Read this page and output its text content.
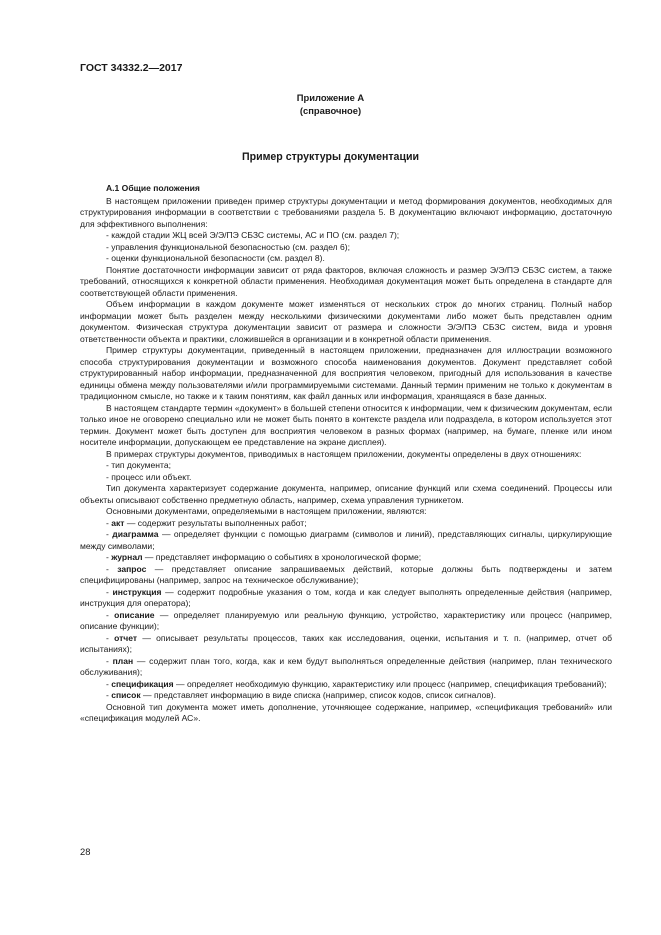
ГОСТ 34332.2—2017
Приложение А
(справочное)
Пример структуры документации
А.1 Общие положения

В настоящем приложении приведен пример структуры документации и метод формирования документов, необходимых для структурирования информации в соответствии с требованиями раздела 5. В документацию включают информацию, достаточную для эффективного выполнения:

- каждой стадии ЖЦ всей Э/Э/ПЭ СБЗС системы, АС и ПО (см. раздел 7);
- управления функциональной безопасностью (см. раздел 6);
- оценки функциональной безопасности (см. раздел 8).

Понятие достаточности информации зависит от ряда факторов, включая сложность и размер Э/Э/ПЭ СБЗС систем, а также требований, относящихся к конкретной области применения. Необходимая документация может быть определена в стандарте для соответствующей области применения.

Объем информации в каждом документе может изменяться от нескольких строк до многих страниц. Полный набор информации может быть разделен между несколькими физическими документами либо может быть представлен одним документом. Физическая структура документации зависит от размера и сложности Э/Э/ПЭ СБЗС систем, вида и уровня ответственности объекта и практики, сложившейся в организации и в конкретной области применения.

Пример структуры документации, приведенный в настоящем приложении, предназначен для иллюстрации возможного способа структурирования документации и возможного способа наименования документов. Документ представляет собой структурированный набор информации, предназначенной для восприятия человеком, пригодный для использования в качестве единицы обмена между пользователями и/или программируемыми системами. Данный термин применим не только к документам в традиционном смысле, но также и к таким понятиям, как файл данных или информация, хранящаяся в базе данных.

В настоящем стандарте термин «документ» в большей степени относится к информации, чем к физическим документам, если только иное не оговорено специально или не может быть понято в контексте раздела или подраздела, в котором используется этот термин. Документ может быть доступен для восприятия человеком в разных формах (например, на бумаге, пленке или ином носителе информации, допускающем ее представление на экране дисплея).

В примерах структуры документов, приводимых в настоящем приложении, документы определены в двух отношениях:

- тип документа;
- процесс или объект.

Тип документа характеризует содержание документа, например, описание функций или схема соединений. Процессы или объекты описывают собственно предметную область, например, схема управления турникетом.

Основными документами, определяемыми в настоящем приложении, являются:

- акт — содержит результаты выполненных работ;
- диаграмма — определяет функции с помощью диаграмм (символов и линий), представляющих сигналы, циркулирующие между символами;
- журнал — представляет информацию о событиях в хронологической форме;
- запрос — представляет описание запрашиваемых действий, которые должны быть подтверждены и затем специфицированы (например, запрос на техническое обслуживание);
- инструкция — содержит подробные указания о том, когда и как следует выполнять определенные действия (например, инструкция для оператора);
- описание — определяет планируемую или реальную функцию, устройство, характеристику или процесс (например, описание функции);
- отчет — описывает результаты процессов, таких как исследования, оценки, испытания и т. п. (например, отчет об испытаниях);
- план — содержит план того, когда, как и кем будут выполняться определенные действия (например, план технического обслуживания);
- спецификация — определяет необходимую функцию, характеристику или процесс (например, спецификация требований);
- список — представляет информацию в виде списка (например, список кодов, список сигналов).

Основной тип документа может иметь дополнение, уточняющее содержание, например, «спецификация требований» или «спецификация модулей АС».

28
